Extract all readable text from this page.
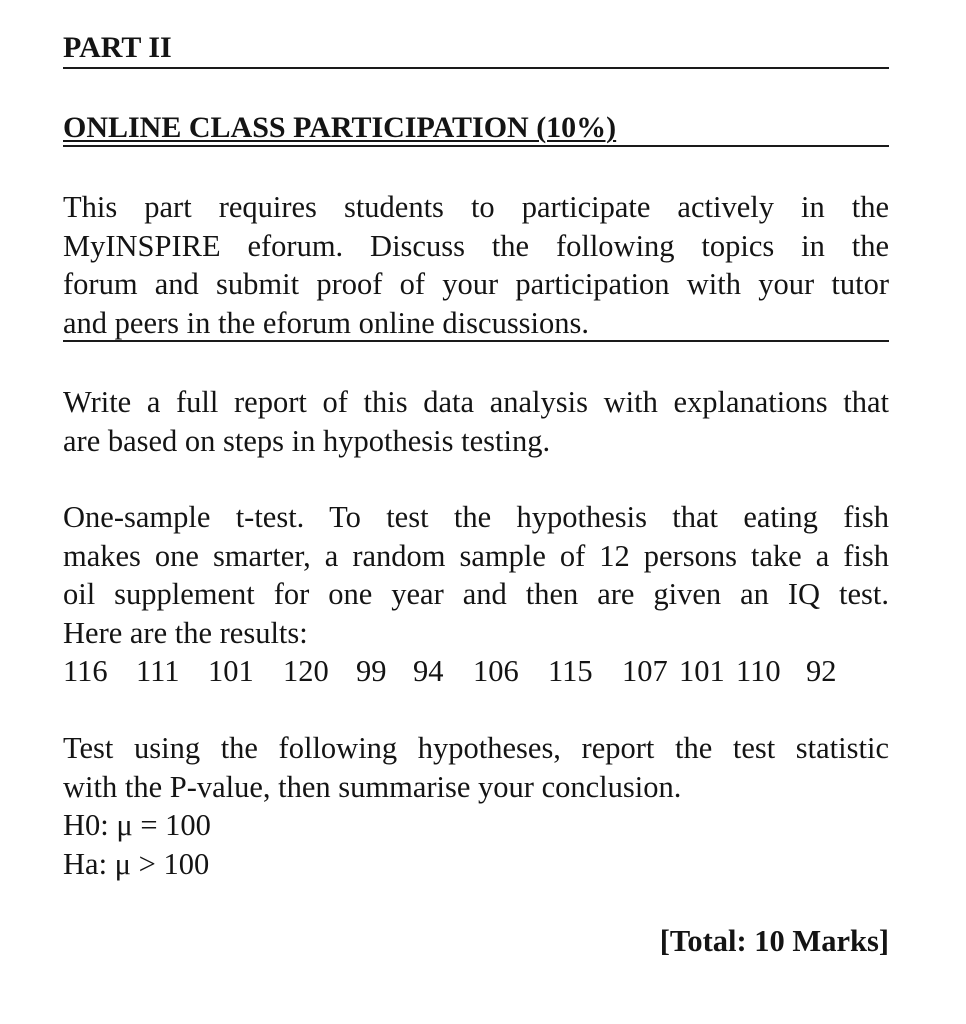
PART II
ONLINE CLASS PARTICIPATION (10%)
This part requires students to participate actively in the
MyINSPIRE eforum. Discuss the following topics in the
forum and submit proof of your participation with your tutor
and peers in the eforum online discussions.
Write a full report of this data analysis with explanations that
are based on steps in hypothesis testing.
One-sample t-test. To test the hypothesis that eating fish
makes one smarter, a random sample of 12 persons take a fish
oil supplement for one year and then are given an IQ test.
Here are the results:
116 111 101 120 99 94 106 115 107 101 110 92
Test using the following hypotheses, report the test statistic
with the P-value, then summarise your conclusion.
H0: μ = 100
Ha: μ > 100
[Total: 10 Marks]
